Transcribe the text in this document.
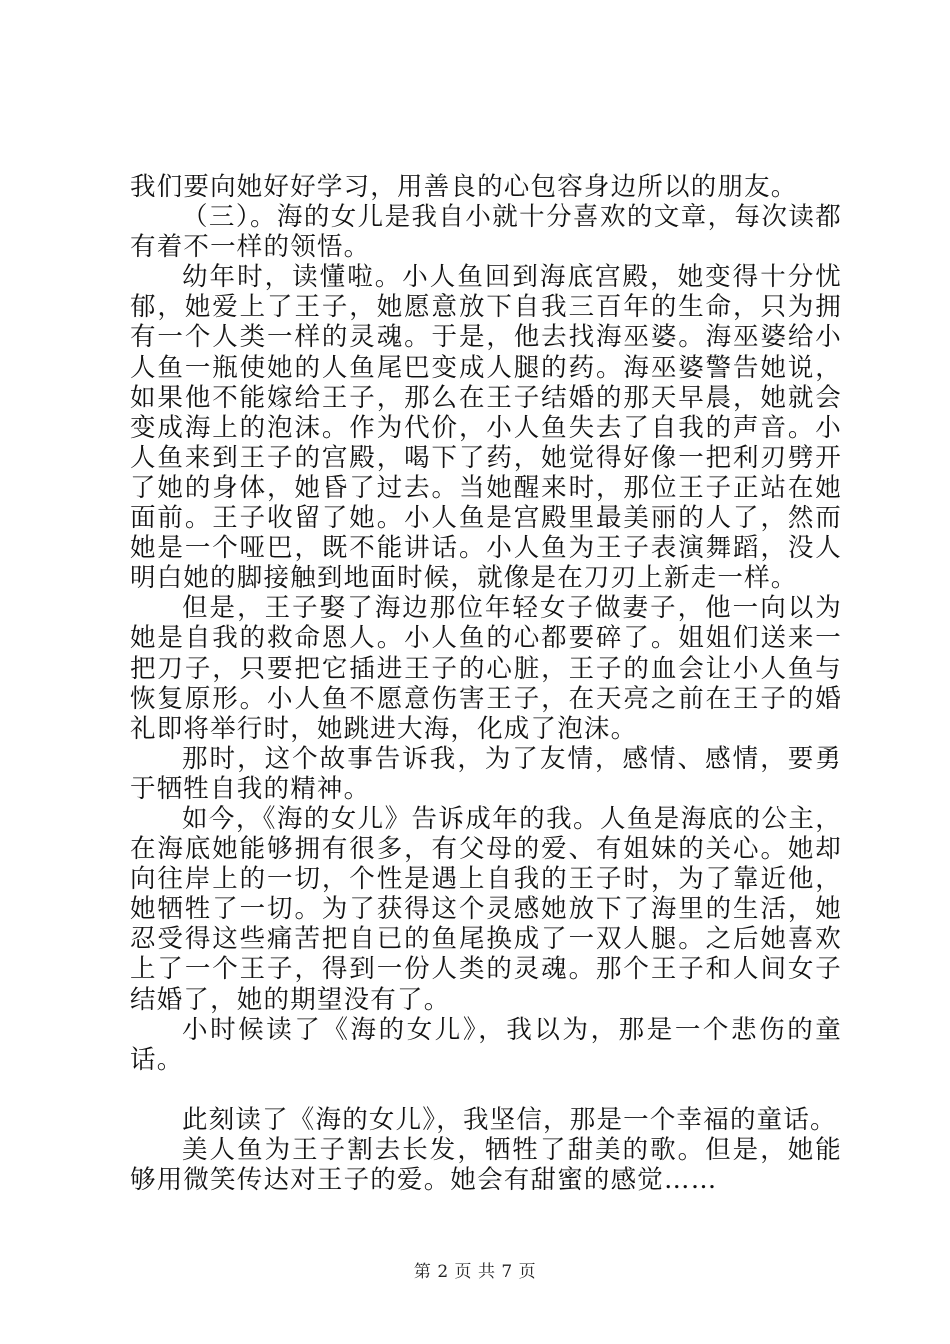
我们要向她好好学习，用善良的心包容身边所以的朋友。

（三）。海的女儿是我自小就十分喜欢的文章，每次读都有着不一样的领悟。

幼年时，读懂啦。小人鱼回到海底宫殿，她变得十分忧郁，她爱上了王子，她愿意放下自我三百年的生命，只为拥有一个人类一样的灵魂。于是，他去找海巫婆。海巫婆给小人鱼一瓶使她的人鱼尾巴变成人腿的药。海巫婆警告她说，如果他不能嫁给王子，那么在王子结婚的那天早晨，她就会变成海上的泡沫。作为代价，小人鱼失去了自我的声音。小人鱼来到王子的宫殿，喝下了药，她觉得好像一把利刃劈开了她的身体，她昏了过去。当她醒来时，那位王子正站在她面前。王子收留了她。小人鱼是宫殿里最美丽的人了，然而她是一个哑巴，既不能讲话。小人鱼为王子表演舞蹈，没人明白她的脚接触到地面时候，就像是在刀刃上新走一样。

但是，王子娶了海边那位年轻女子做妻子，他一向以为她是自我的救命恩人。小人鱼的心都要碎了。姐姐们送来一把刀子，只要把它插进王子的心脏，王子的血会让小人鱼与恢复原形。小人鱼不愿意伤害王子，在天亮之前在王子的婚礼即将举行时，她跳进大海，化成了泡沫。

那时，这个故事告诉我，为了友情，感情、感情，要勇于牺牲自我的精神。

如今，《海的女儿》告诉成年的我。人鱼是海底的公主，在海底她能够拥有很多，有父母的爱、有姐妹的关心。她却向往岸上的一切，个性是遇上自我的王子时，为了靠近他，她牺牲了一切。为了获得这个灵感她放下了海里的生活，她忍受得这些痛苦把自已的鱼尾换成了一双人腿。之后她喜欢上了一个王子，得到一份人类的灵魂。那个王子和人间女子结婚了，她的期望没有了。

小时候读了《海的女儿》，我以为，那是一个悲伤的童话。

此刻读了《海的女儿》，我坚信，那是一个幸福的童话。

美人鱼为王子割去长发，牺牲了甜美的歌。但是，她能够用微笑传达对王子的爱。她会有甜蜜的感觉……

第 2 页 共 7 页
